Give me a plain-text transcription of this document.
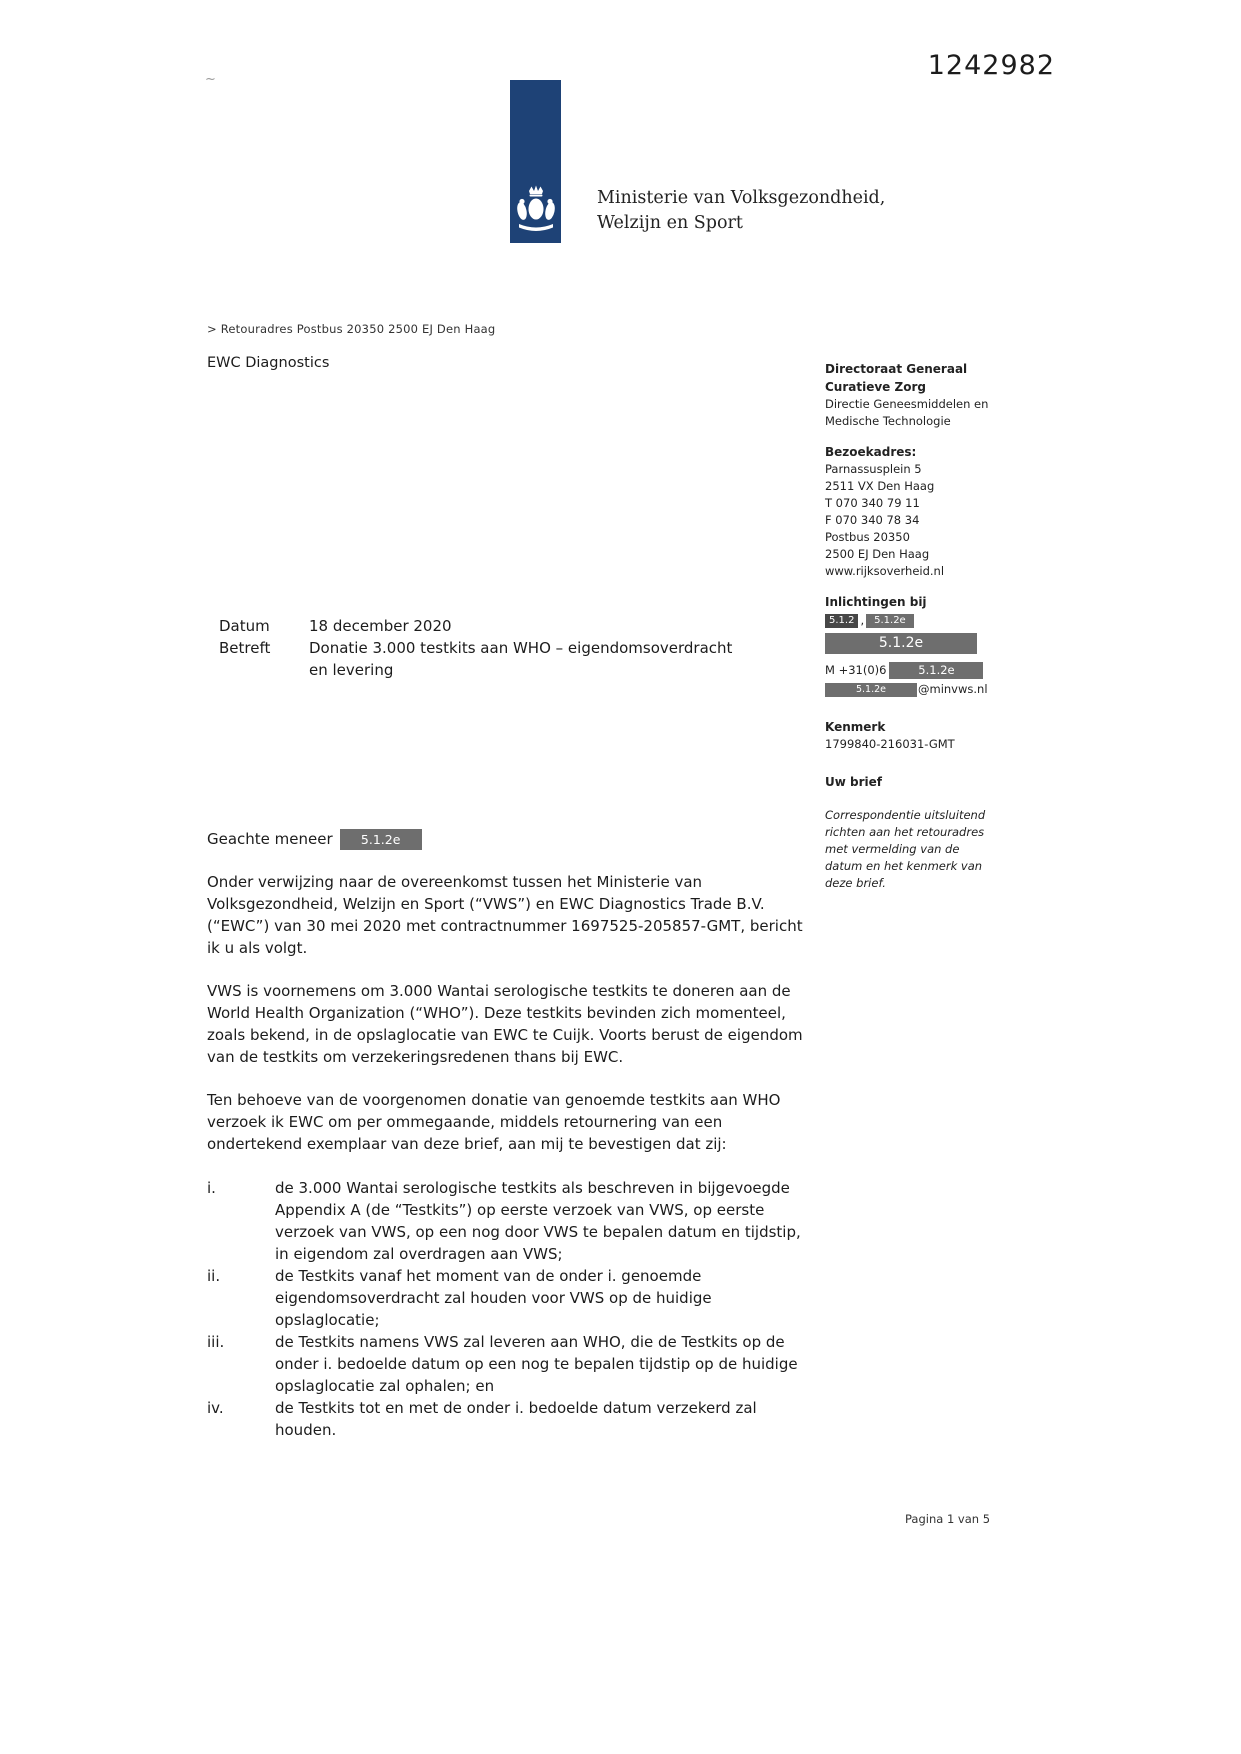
1242982
~
Ministerie van Volksgezondheid,
Welzijn en Sport
> Retouradres Postbus 20350 2500 EJ Den Haag
EWC Diagnostics	Directoraat Generaal Curatieve Zorg
Directie Geneesmiddelen en Medische Technologie
Bezoekadres:
Parnassusplein 5
2511 VX Den Haag
T 070 340 79 11
F 070 340 78 34
Postbus 20350
2500 EJ Den Haag
www.rijksoverheid.nl
Inlichtingen bij
5.1.2 ,	5.1.2e
5.1.2e
M +31(0)6	5.1.2e
5.1.2e	@minvws.nl
Kenmerk
1799840-216031-GMT
Uw brief
Correspondentie uitsluitend richten aan het retouradres met vermelding van de datum en het kenmerk van deze brief.
Datum	18 december 2020
Betreft	Donatie 3.000 testkits aan WHO – eigendomsoverdracht en levering
Geachte meneer	5.1.2e

Onder verwijzing naar de overeenkomst tussen het Ministerie van Volksgezondheid, Welzijn en Sport (“VWS”) en EWC Diagnostics Trade B.V. (“EWC”) van 30 mei 2020 met contractnummer 1697525-205857-GMT, bericht ik u als volgt.

VWS is voornemens om 3.000 Wantai serologische testkits te doneren aan de World Health Organization (“WHO”). Deze testkits bevinden zich momenteel, zoals bekend, in de opslaglocatie van EWC te Cuijk. Voorts berust de eigendom van de testkits om verzekeringsredenen thans bij EWC.

Ten behoeve van de voorgenomen donatie van genoemde testkits aan WHO verzoek ik EWC om per ommegaande, middels retournering van een ondertekend exemplaar van deze brief, aan mij te bevestigen dat zij:

i.	de 3.000 Wantai serologische testkits als beschreven in bijgevoegde Appendix A (de “Testkits”) op eerste verzoek van VWS, op eerste verzoek van VWS, op een nog door VWS te bepalen datum en tijdstip, in eigendom zal overdragen aan VWS;
ii.	de Testkits vanaf het moment van de onder i. genoemde eigendomsoverdracht zal houden voor VWS op de huidige opslaglocatie;
iii.	de Testkits namens VWS zal leveren aan WHO, die de Testkits op de onder i. bedoelde datum op een nog te bepalen tijdstip op de huidige opslaglocatie zal ophalen; en
iv.	de Testkits tot en met de onder i. bedoelde datum verzekerd zal houden.
Pagina 1 van 5
